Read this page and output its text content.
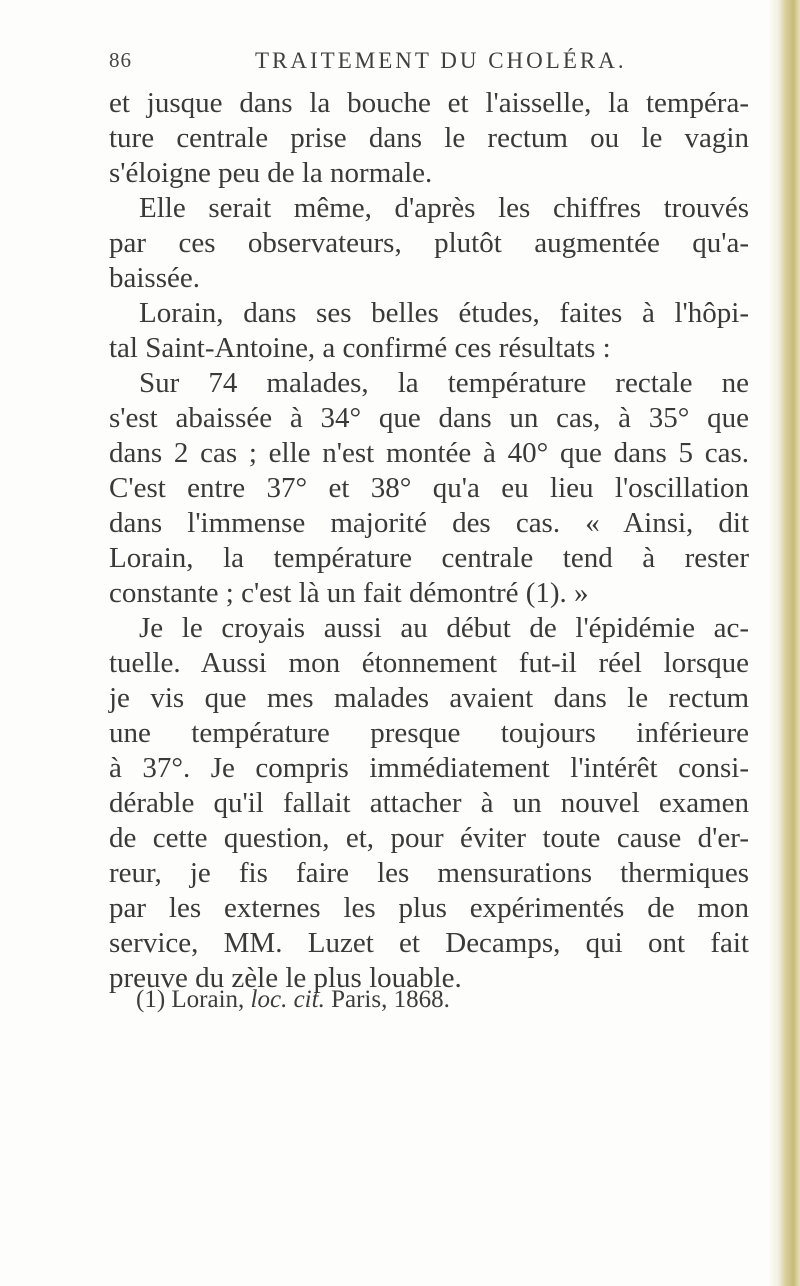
86	TRAITEMENT DU CHOLÉRA.
et jusque dans la bouche et l'aisselle, la tempéra-
ture centrale prise dans le rectum ou le vagin
s'éloigne peu de la normale.
Elle serait même, d'après les chiffres trouvés
par ces observateurs, plutôt augmentée qu'a-
baissée.
Lorain, dans ses belles études, faites à l'hôpi-
tal Saint-Antoine, a confirmé ces résultats :
Sur 74 malades, la température rectale ne
s'est abaissée à 34° que dans un cas, à 35° que
dans 2 cas ; elle n'est montée à 40° que dans 5 cas.
C'est entre 37° et 38° qu'a eu lieu l'oscillation
dans l'immense majorité des cas. « Ainsi, dit
Lorain, la température centrale tend à rester
constante ; c'est là un fait démontré (1). »
Je le croyais aussi au début de l'épidémie ac-
tuelle. Aussi mon étonnement fut-il réel lorsque
je vis que mes malades avaient dans le rectum
une température presque toujours inférieure
à 37°. Je compris immédiatement l'intérêt consi-
dérable qu'il fallait attacher à un nouvel examen
de cette question, et, pour éviter toute cause d'er-
reur, je fis faire les mensurations thermiques
par les externes les plus expérimentés de mon
service, MM. Luzet et Decamps, qui ont fait
preuve du zèle le plus louable.
(1) Lorain, loc. cit. Paris, 1868.
